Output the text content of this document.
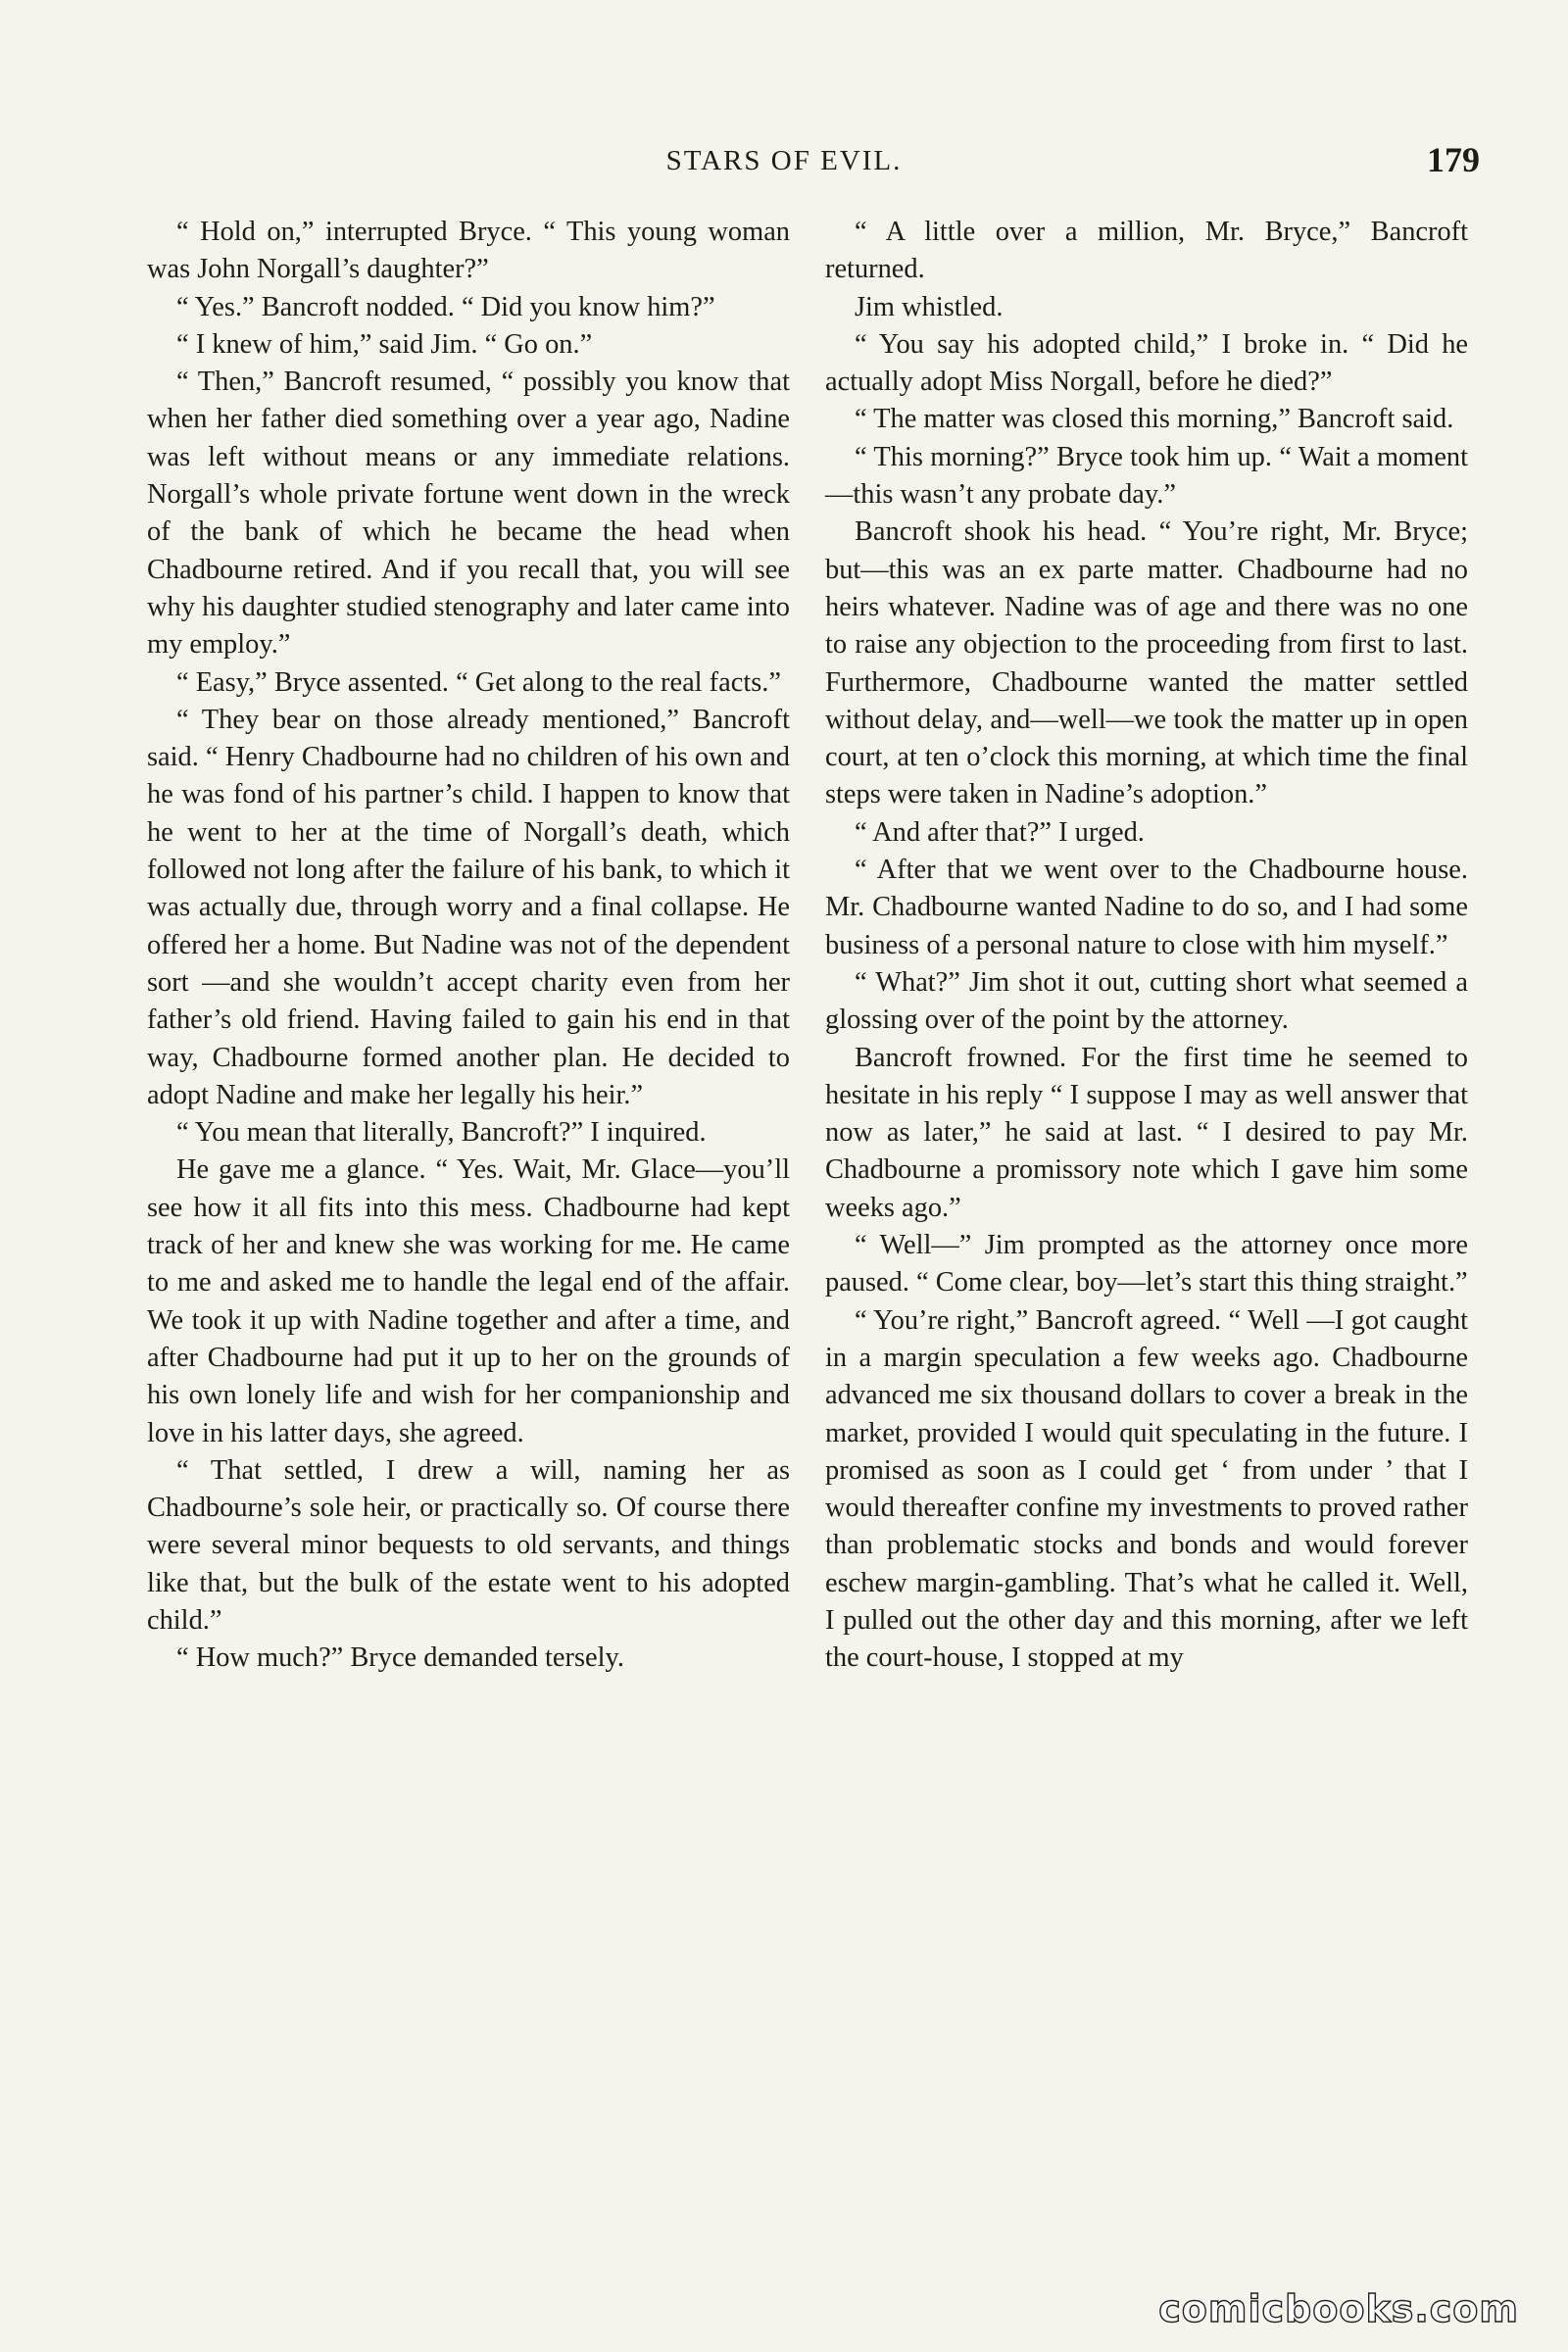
STARS OF EVIL.	179

“ Hold on,” interrupted Bryce. “ This young woman was John Norgall’s daughter?”

“ Yes.” Bancroft nodded. “ Did you know him?”

“ I knew of him,” said Jim. “ Go on.”

“ Then,” Bancroft resumed, “ possibly you know that when her father died something over a year ago, Nadine was left without means or any immediate relations. Norgall’s whole private fortune went down in the wreck of the bank of which he became the head when Chadbourne retired. And if you recall that, you will see why his daughter studied stenography and later came into my employ.”

“ Easy,” Bryce assented. “ Get along to the real facts.”

“ They bear on those already mentioned,” Bancroft said. “ Henry Chadbourne had no children of his own and he was fond of his partner’s child. I happen to know that he went to her at the time of Norgall’s death, which followed not long after the failure of his bank, to which it was actually due, through worry and a final collapse. He offered her a home. But Nadine was not of the dependent sort —and she wouldn’t accept charity even from her father’s old friend. Having failed to gain his end in that way, Chadbourne formed another plan. He decided to adopt Nadine and make her legally his heir.”

“ You mean that literally, Bancroft?” I inquired.

He gave me a glance. “ Yes. Wait, Mr. Glace—you’ll see how it all fits into this mess. Chadbourne had kept track of her and knew she was working for me. He came to me and asked me to handle the legal end of the affair. We took it up with Nadine together and after a time, and after Chadbourne had put it up to her on the grounds of his own lonely life and wish for her companionship and love in his latter days, she agreed.

“ That settled, I drew a will, naming her as Chadbourne’s sole heir, or practically so. Of course there were several minor bequests to old servants, and things like that, but the bulk of the estate went to his adopted child.”

“ How much?” Bryce demanded tersely.

“ A little over a million, Mr. Bryce,” Bancroft returned.

Jim whistled.

“ You say his adopted child,” I broke in. “ Did he actually adopt Miss Norgall, before he died?”

“ The matter was closed this morning,” Bancroft said.

“ This morning?” Bryce took him up. “ Wait a moment—this wasn’t any probate day.”

Bancroft shook his head. “ You’re right, Mr. Bryce; but—this was an ex parte matter. Chadbourne had no heirs whatever. Nadine was of age and there was no one to raise any objection to the proceeding from first to last. Furthermore, Chadbourne wanted the matter settled without delay, and—well—we took the matter up in open court, at ten o’clock this morning, at which time the final steps were taken in Nadine’s adoption.”

“ And after that?” I urged.

“ After that we went over to the Chadbourne house. Mr. Chadbourne wanted Nadine to do so, and I had some business of a personal nature to close with him myself.”

“ What?” Jim shot it out, cutting short what seemed a glossing over of the point by the attorney.

Bancroft frowned. For the first time he seemed to hesitate in his reply “ I suppose I may as well answer that now as later,” he said at last. “ I desired to pay Mr. Chadbourne a promissory note which I gave him some weeks ago.”

“ Well—” Jim prompted as the attorney once more paused. “ Come clear, boy—let’s start this thing straight.”

“ You’re right,” Bancroft agreed. “ Well —I got caught in a margin speculation a few weeks ago. Chadbourne advanced me six thousand dollars to cover a break in the market, provided I would quit speculating in the future. I promised as soon as I could get ‘ from under ’ that I would thereafter confine my investments to proved rather than problematic stocks and bonds and would forever eschew margin-gambling. That’s what he called it. Well, I pulled out the other day and this morning, after we left the court-house, I stopped at my

comicbooks.com
